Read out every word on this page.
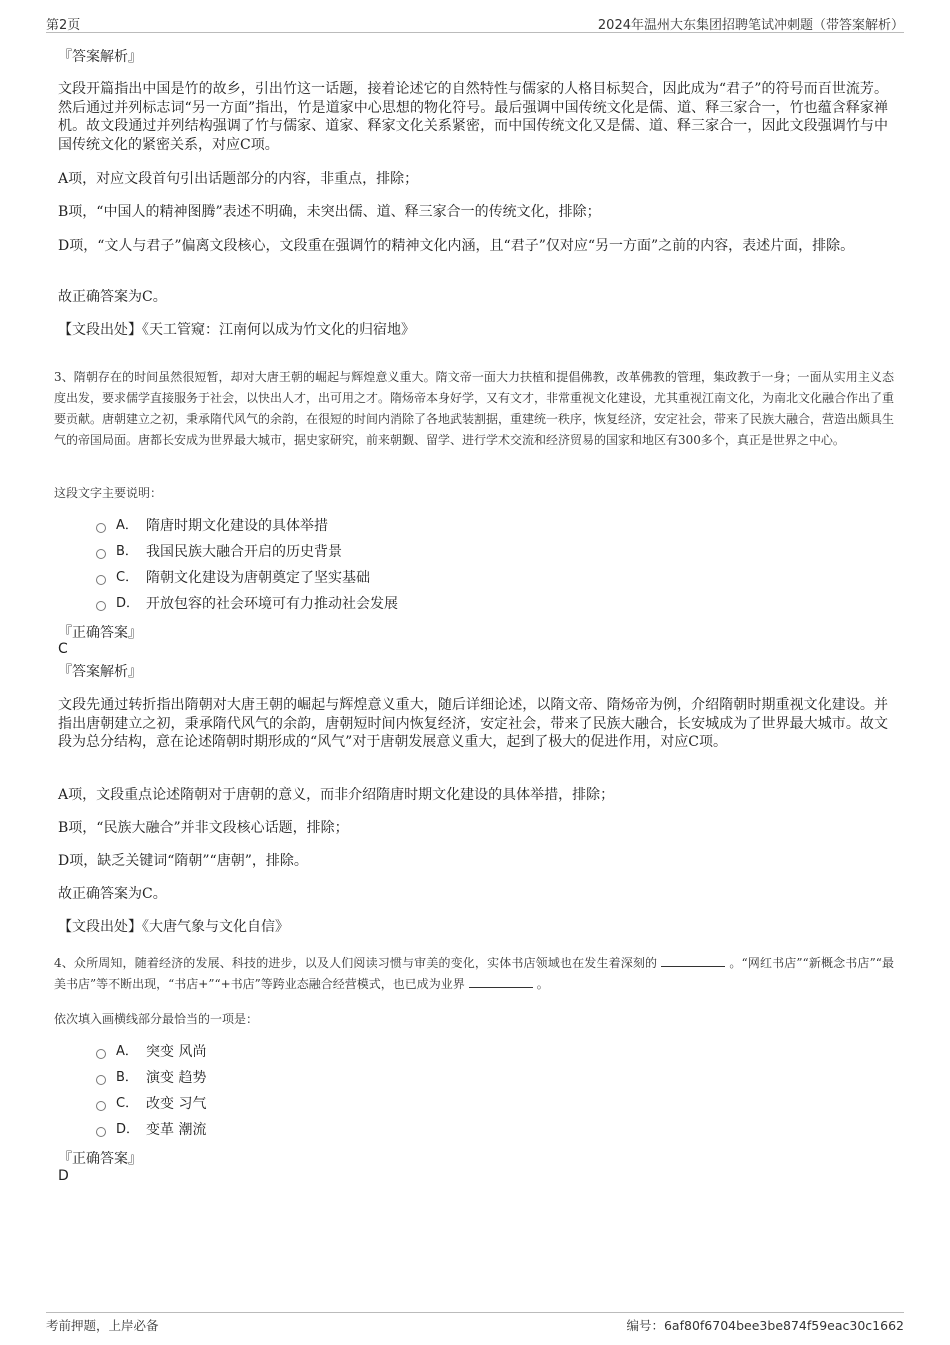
第2页	2024年温州大东集团招聘笔试冲刺题（带答案解析）

『答案解析』

文段开篇指出中国是竹的故乡，引出竹这一话题，接着论述它的自然特性与儒家的人格目标契合，因此成为“君子”的符号而百世流芳。然后通过并列标志词“另一方面”指出，竹是道家中心思想的物化符号。最后强调中国传统文化是儒、道、释三家合一，竹也蕴含释家禅机。故文段通过并列结构强调了竹与儒家、道家、释家文化关系紧密，而中国传统文化又是儒、道、释三家合一，因此文段强调竹与中国传统文化的紧密关系，对应C项。

A项，对应文段首句引出话题部分的内容，非重点，排除；

B项，“中国人的精神图腾”表述不明确，未突出儒、道、释三家合一的传统文化，排除；

D项，“文人与君子”偏离文段核心，文段重在强调竹的精神文化内涵，且“君子”仅对应“另一方面”之前的内容，表述片面，排除。

故正确答案为C。

【文段出处】《天工管窥：江南何以成为竹文化的归宿地》

3、隋朝存在的时间虽然很短暂，却对大唐王朝的崛起与辉煌意义重大。隋文帝一面大力扶植和提倡佛教，改革佛教的管理，集政教于一身；一面从实用主义态度出发，要求儒学直接服务于社会，以快出人才，出可用之才。隋炀帝本身好学，又有文才，非常重视文化建设，尤其重视江南文化，为南北文化融合作出了重要贡献。唐朝建立之初，秉承隋代风气的余韵，在很短的时间内消除了各地武装割据，重建统一秩序，恢复经济，安定社会，带来了民族大融合，营造出颇具生气的帝国局面。唐都长安成为世界最大城市，据史家研究，前来朝觐、留学、进行学术交流和经济贸易的国家和地区有300多个，真正是世界之中心。

这段文字主要说明：

A． 隋唐时期文化建设的具体举措
B． 我国民族大融合开启的历史背景
C． 隋朝文化建设为唐朝奠定了坚实基础
D． 开放包容的社会环境可有力推动社会发展

『正确答案』

C

『答案解析』

文段先通过转折指出隋朝对大唐王朝的崛起与辉煌意义重大，随后详细论述，以隋文帝、隋炀帝为例，介绍隋朝时期重视文化建设。并指出唐朝建立之初，秉承隋代风气的余韵，唐朝短时间内恢复经济，安定社会，带来了民族大融合，长安城成为了世界最大城市。故文段为总分结构，意在论述隋朝时期形成的“风气”对于唐朝发展意义重大，起到了极大的促进作用，对应C项。

A项，文段重点论述隋朝对于唐朝的意义，而非介绍隋唐时期文化建设的具体举措，排除；

B项，“民族大融合”并非文段核心话题，排除；

D项，缺乏关键词“隋朝”“唐朝”，排除。

故正确答案为C。

【文段出处】《大唐气象与文化自信》

4、众所周知，随着经济的发展、科技的进步，以及人们阅读习惯与审美的变化，实体书店领域也在发生着深刻的	。“网红书店”“新概念书店”“最美书店”等不断出现，“书店+”“+书店”等跨业态融合经营模式，也已成为业界	。

依次填入画横线部分最恰当的一项是：

A． 突变 风尚
B． 演变 趋势
C． 改变 习气
D． 变革 潮流

『正确答案』

D
考前押题，上岸必备	编号：6af80f6704bee3be874f59eac30c1662
